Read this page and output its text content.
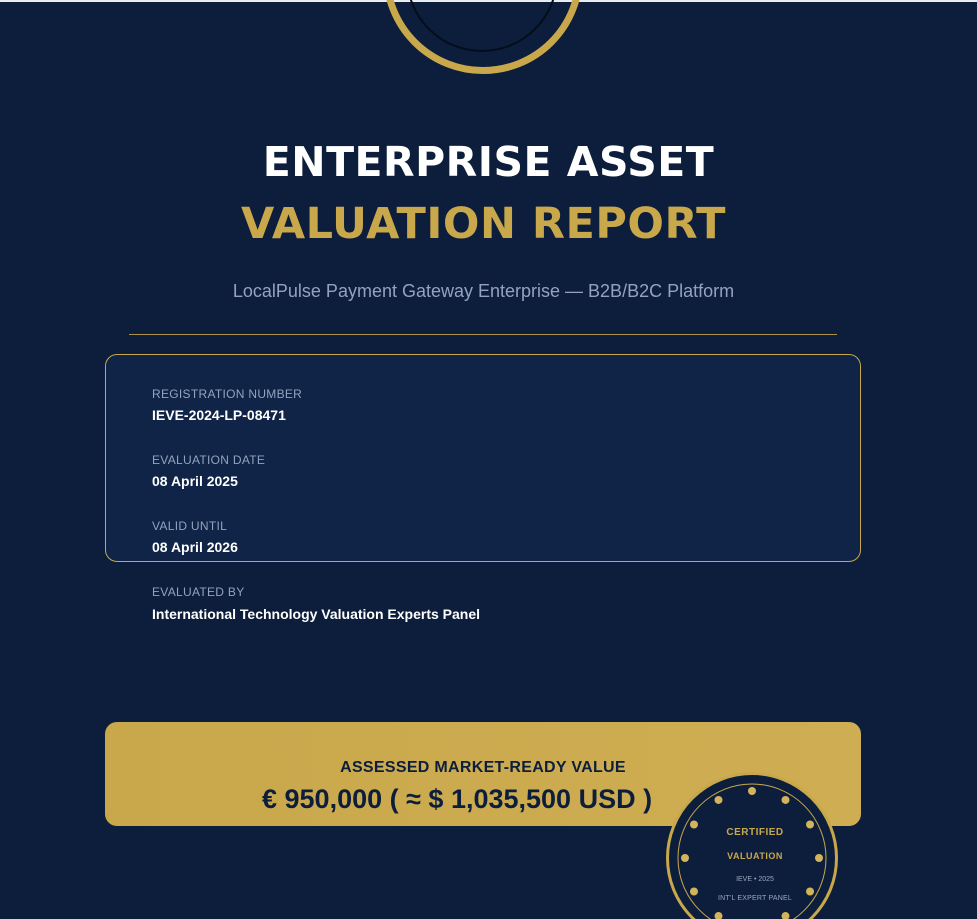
ENTERPRISE ASSET
VALUATION REPORT
LocalPulse Payment Gateway Enterprise — B2B/B2C Platform
REGISTRATION NUMBER
IEVE-2024-LP-08471
EVALUATION DATE
08 April 2025
VALID UNTIL
08 April 2026
EVALUATED BY
International Technology Valuation Experts Panel
ASSESSED MARKET-READY VALUE
€ 950,000 ( ≈ $ 1,035,500 USD )
CERTIFIED
VALUATION
IEVE • 2025
INT'L EXPERT PANEL
